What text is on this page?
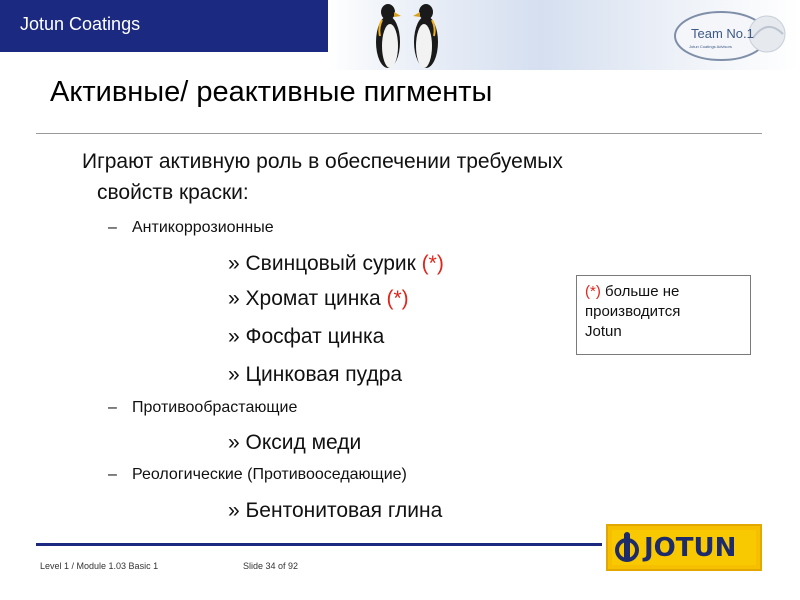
Jotun Coatings	Team No.1
Jotun Coatings Advisors
Активные/ реактивные пигменты
Играют активную роль в обеспечении требуемых
свойств краски:
– Антикоррозионные
» Свинцовый сурик (*)
» Хромат цинка (*)
» Фосфат цинка
» Цинковая пудра
– Противообрастающие
» Оксид меди
– Реологические (Противооседающие)
» Бентонитовая глина
(*) больше не
производится
Jotun
Level 1 / Module 1.03 Basic 1	Slide 34 of 92
JOTUN
